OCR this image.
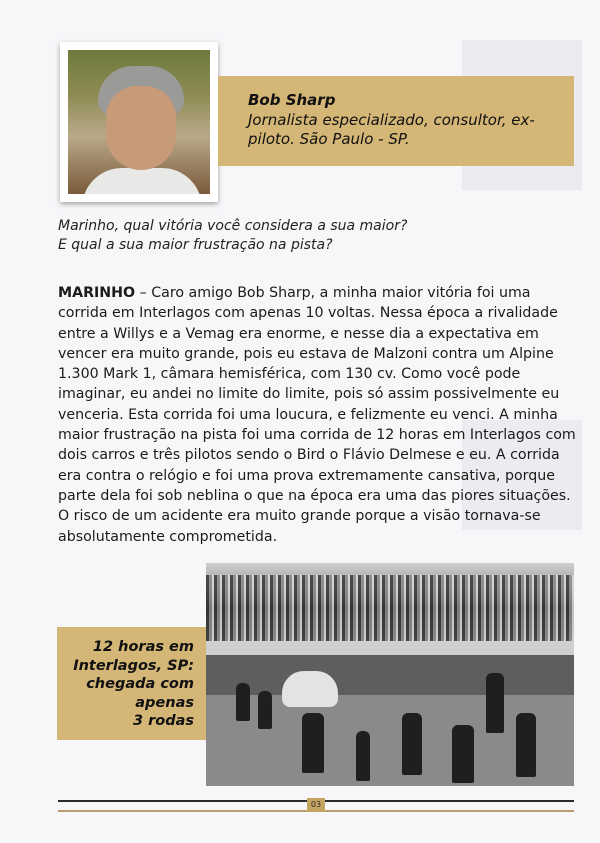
Bob Sharp
Jornalista especializado, consultor, ex-piloto. São Paulo - SP.
Marinho, qual vitória você considera a sua maior?
E qual a sua maior frustração na pista?
MARINHO – Caro amigo Bob Sharp, a minha maior vitória foi uma corrida em Interlagos com apenas 10 voltas. Nessa época a rivalidade entre a Willys e a Vemag era enorme, e nesse dia a expectativa em vencer era muito grande, pois eu estava de Malzoni contra um Alpine 1.300 Mark 1, câmara hemisférica, com 130 cv. Como você pode imaginar, eu andei no limite do limite, pois só assim possivelmente eu venceria. Esta corrida foi uma loucura, e felizmente eu venci. A minha maior frustração na pista foi uma corrida de 12 horas em Interlagos com dois carros e três pilotos sendo o Bird o Flávio Delmese e eu. A corrida era contra o relógio e foi uma prova extremamente cansativa, porque parte dela foi sob neblina o que na época era uma das piores situações. O risco de um acidente era muito grande porque a visão tornava-se absolutamente comprometida.
12 horas em
Interlagos, SP:
chegada com
apenas
3 rodas
03
